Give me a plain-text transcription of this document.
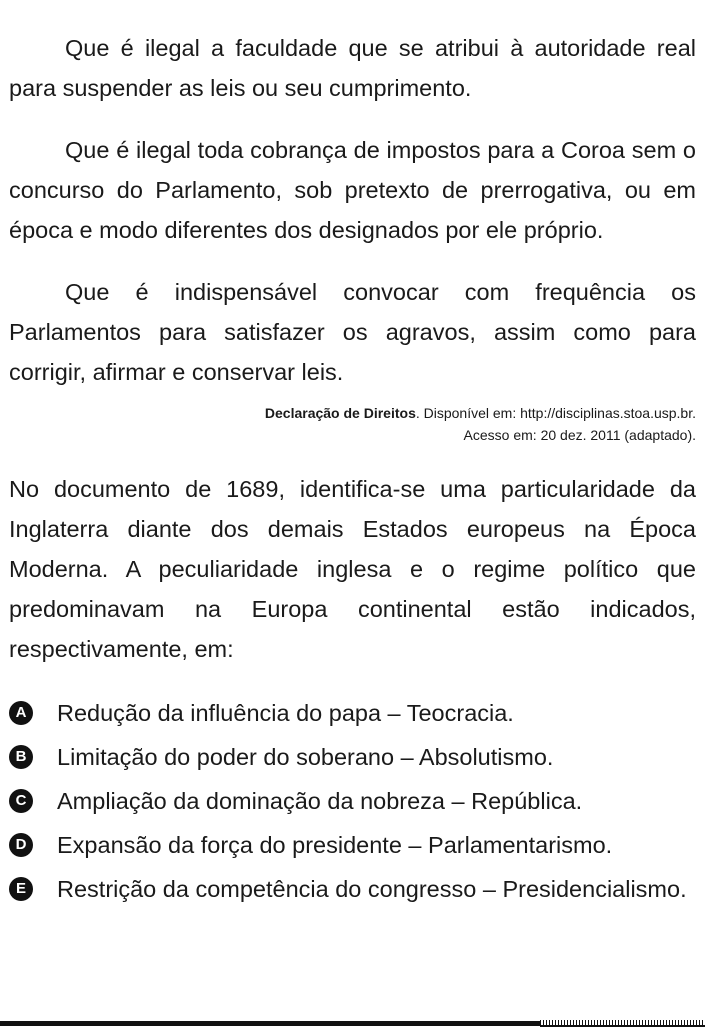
Que é ilegal a faculdade que se atribui à autoridade real para suspender as leis ou seu cumprimento.

Que é ilegal toda cobrança de impostos para a Coroa sem o concurso do Parlamento, sob pretexto de prerrogativa, ou em época e modo diferentes dos designados por ele próprio.

Que é indispensável convocar com frequência os Parlamentos para satisfazer os agravos, assim como para corrigir, afirmar e conservar leis.

Declaração de Direitos. Disponível em: http://disciplinas.stoa.usp.br.
Acesso em: 20 dez. 2011 (adaptado).

No documento de 1689, identifica-se uma particularidade da Inglaterra diante dos demais Estados europeus na Época Moderna. A peculiaridade inglesa e o regime político que predominavam na Europa continental estão indicados, respectivamente, em:

A Redução da influência do papa – Teocracia.
B Limitação do poder do soberano – Absolutismo.
C Ampliação da dominação da nobreza – República.
D Expansão da força do presidente – Parlamentarismo.
E Restrição da competência do congresso – Presidencialismo.
